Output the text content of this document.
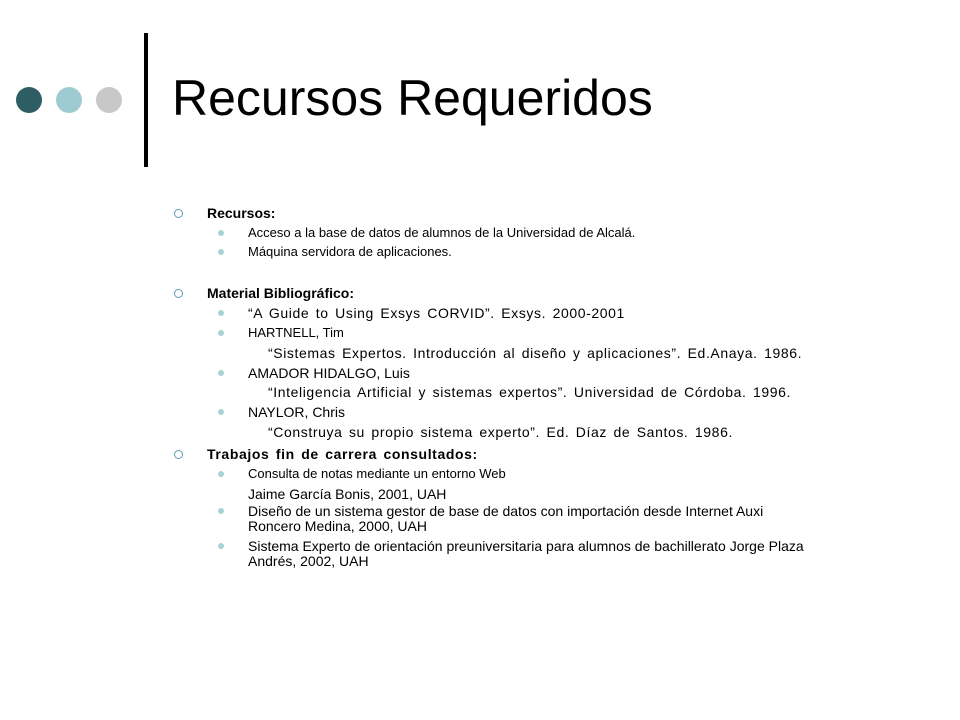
Recursos Requeridos
Recursos:
Acceso a la base de datos de alumnos de la Universidad de Alcalá.
Máquina servidora de aplicaciones.
Material Bibliográfico:
“A Guide to Using Exsys CORVID”. Exsys. 2000-2001
HARTNELL, Tim
“Sistemas Expertos. Introducción al diseño y aplicaciones”. Ed.Anaya. 1986.
AMADOR HIDALGO, Luis
“Inteligencia Artificial y sistemas expertos”. Universidad de Córdoba. 1996.
NAYLOR, Chris
“Construya su propio sistema experto”. Ed. Díaz de Santos. 1986.
Trabajos fin de carrera consultados:
Consulta de notas mediante un entorno Web
Jaime García Bonis, 2001, UAH
Diseño de un sistema gestor de base de datos con importación desde Internet Auxi
Roncero Medina, 2000, UAH
Sistema Experto de orientación preuniversitaria para alumnos de bachillerato Jorge Plaza
Andrés, 2002, UAH
